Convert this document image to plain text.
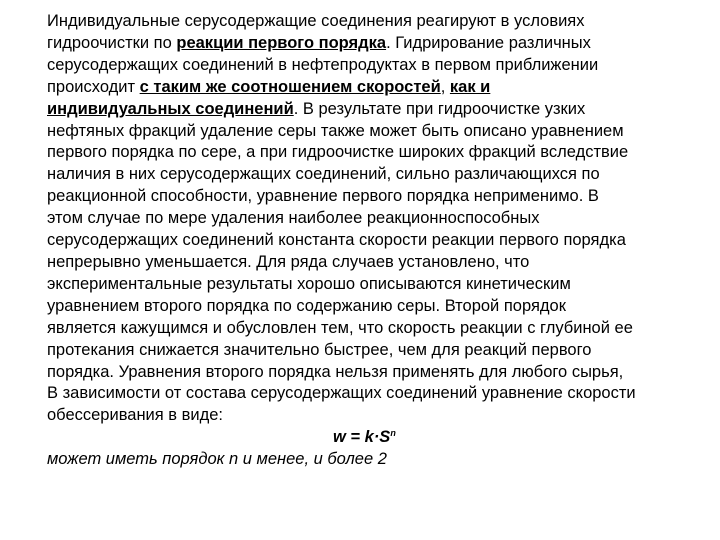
Индивидуальные серусодержащие соединения реагируют в условиях
гидроочистки по реакции первого порядка. Гидрирование различных
серусодержащих соединений в нефтепродуктах в первом приближении
происходит с таким же соотношением скоростей, как и
индивидуальных соединений. В результате при гидроочистке узких
нефтяных фракций удаление серы также может быть описано уравнением
первого порядка по сере, а при гидроочистке широких фракций вследствие
наличия в них серусодержащих соединений, сильно различающихся по
реакционной способности, уравнение первого порядка неприменимо. В
этом случае по мере удаления наиболее реакционноспособных
серусодержащих соединений константа скорости реакции первого порядка
непрерывно уменьшается. Для ряда случаев установлено, что
экспериментальные результаты хорошо описываются кинетическим
уравнением второго порядка по содержанию серы. Второй порядок
является кажущимся и обусловлен тем, что скорость реакции с глубиной ее
протекания снижается значительно быстрее, чем для реакций первого
порядка. Уравнения второго порядка нельзя применять для любого сырья,
В зависимости от состава серусодержащих соединений уравнение скорости
обессеривания в виде:
$w = k\cdot S^n$
может иметь порядок n и менее, и более 2
